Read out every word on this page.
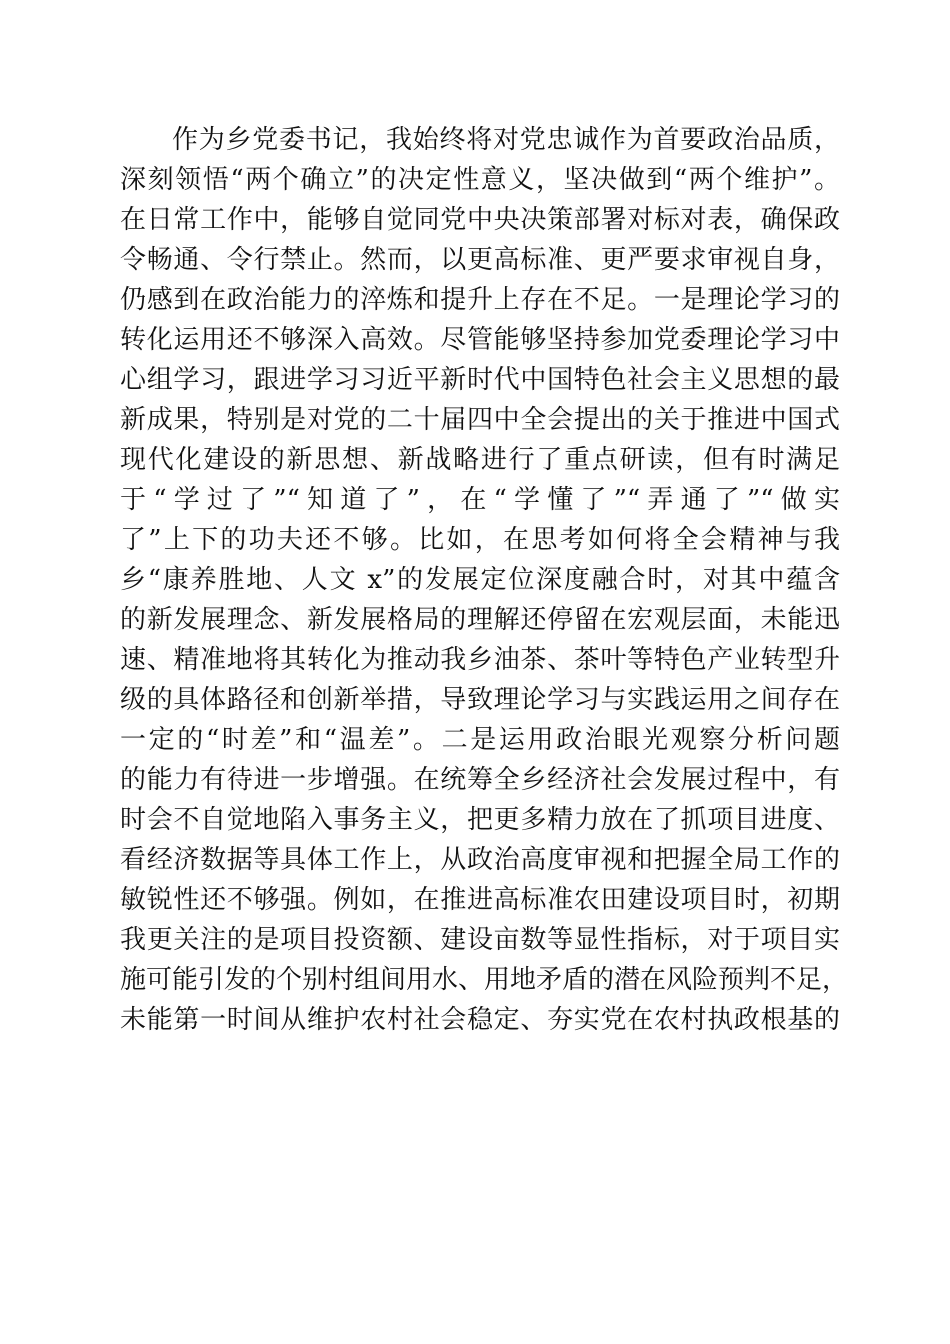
作为乡党委书记，我始终将对党忠诚作为首要政治品质，
深刻领悟“两个确立”的决定性意义，坚决做到“两个维护”。
在日常工作中，能够自觉同党中央决策部署对标对表，确保政
令畅通、令行禁止。然而，以更高标准、更严要求审视自身，
仍感到在政治能力的淬炼和提升上存在不足。一是理论学习的
转化运用还不够深入高效。尽管能够坚持参加党委理论学习中
心组学习，跟进学习习近平新时代中国特色社会主义思想的最
新成果，特别是对党的二十届四中全会提出的关于推进中国式
现代化建设的新思想、新战略进行了重点研读，但有时满足
于“学过了”“知道了”，在“学懂了”“弄通了”“做实
了”上下的功夫还不够。比如，在思考如何将全会精神与我
乡“康养胜地、人文 x”的发展定位深度融合时，对其中蕴含
的新发展理念、新发展格局的理解还停留在宏观层面，未能迅
速、精准地将其转化为推动我乡油茶、茶叶等特色产业转型升
级的具体路径和创新举措，导致理论学习与实践运用之间存在
一定的“时差”和“温差”。二是运用政治眼光观察分析问题
的能力有待进一步增强。在统筹全乡经济社会发展过程中，有
时会不自觉地陷入事务主义，把更多精力放在了抓项目进度、
看经济数据等具体工作上，从政治高度审视和把握全局工作的
敏锐性还不够强。例如，在推进高标准农田建设项目时，初期
我更关注的是项目投资额、建设亩数等显性指标，对于项目实
施可能引发的个别村组间用水、用地矛盾的潜在风险预判不足，
未能第一时间从维护农村社会稳定、夯实党在农村执政根基的
